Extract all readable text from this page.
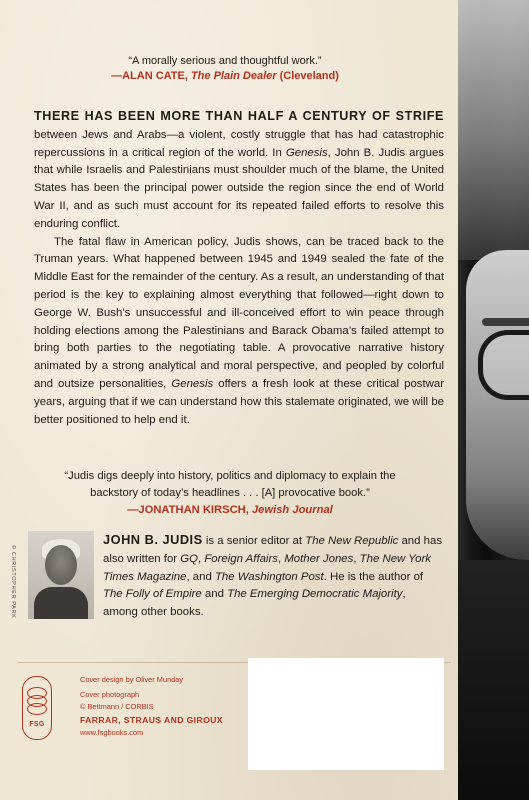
“A morally serious and thoughtful work.”
—ALAN CATE, The Plain Dealer (Cleveland)

THERE HAS BEEN MORE THAN HALF A CENTURY OF STRIFE between Jews and Arabs—a violent, costly struggle that has had catastrophic repercussions in a critical region of the world. In Genesis, John B. Judis argues that while Israelis and Palestinians must shoulder much of the blame, the United States has been the principal power outside the region since the end of World War II, and as such must account for its repeated failed efforts to resolve this enduring conflict.

The fatal flaw in American policy, Judis shows, can be traced back to the Truman years. What happened between 1945 and 1949 sealed the fate of the Middle East for the remainder of the century. As a result, an understanding of that period is the key to explaining almost everything that followed—right down to George W. Bush’s unsuccessful and ill-conceived effort to win peace through holding elections among the Palestinians and Barack Obama’s failed attempt to bring both parties to the negotiating table. A provocative narrative history animated by a strong analytical and moral perspective, and peopled by colorful and outsize personalities, Genesis offers a fresh look at these critical postwar years, arguing that if we can understand how this stalemate originated, we will be better positioned to help end it.

“Judis digs deeply into history, politics and diplomacy to explain the backstory of today’s headlines . . . [A] provocative book.”
—JONATHAN KIRSCH, Jewish Journal
© CHRISTOPHER PARK
JOHN B. JUDIS is a senior editor at The New Republic and has also written for GQ, Foreign Affairs, Mother Jones, The New York Times Magazine, and The Washington Post. He is the author of The Folly of Empire and The Emerging Democratic Majority, among other books.
FSG
Cover design by Oliver Munday
Cover photograph
© Bettmann / CORBIS
FARRAR, STRAUS AND GIROUX
www.fsgbooks.com
